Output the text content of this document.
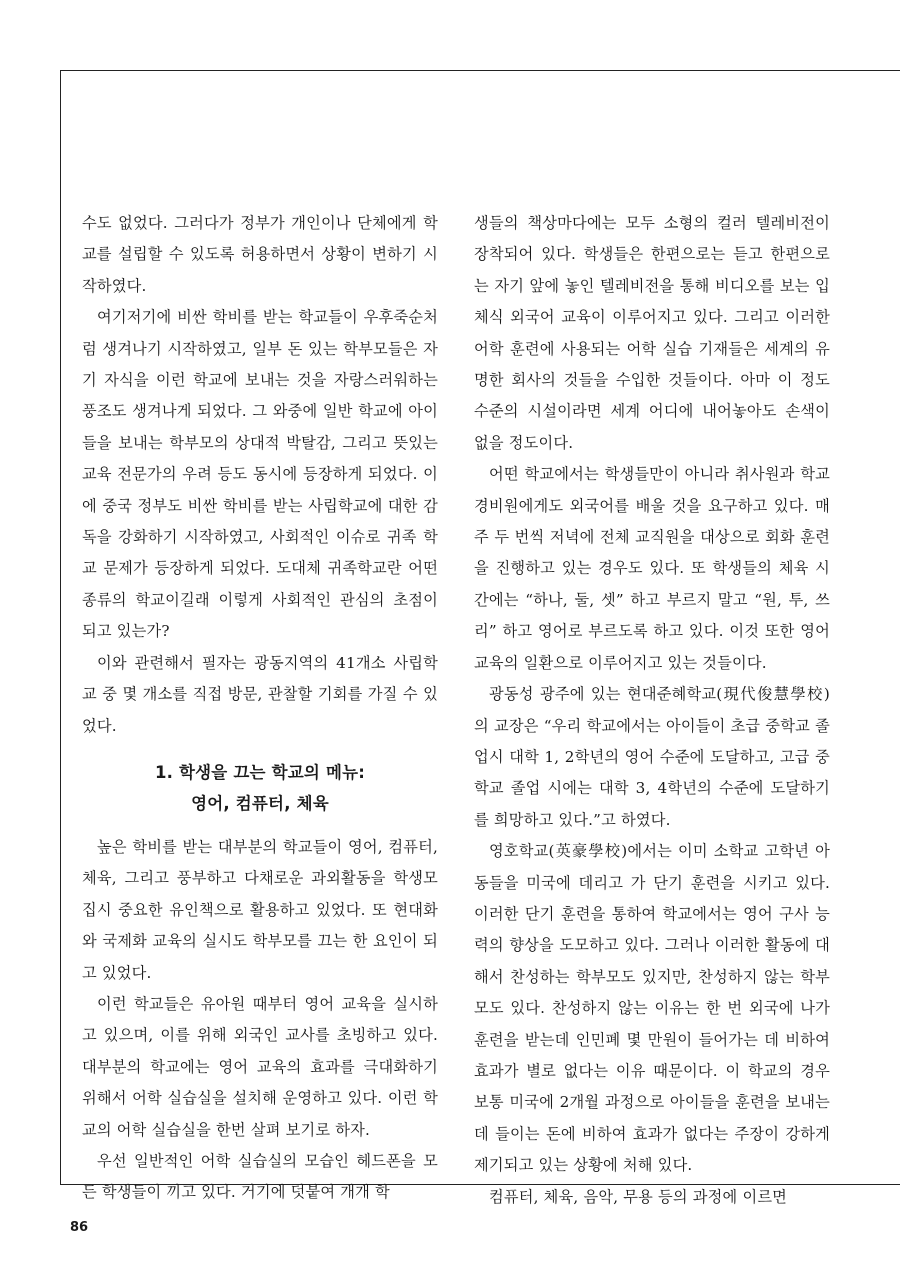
수도 없었다. 그러다가 정부가 개인이나 단체에게 학교를 설립할 수 있도록 허용하면서 상황이 변하기 시작하였다.

여기저기에 비싼 학비를 받는 학교들이 우후죽순처럼 생겨나기 시작하였고, 일부 돈 있는 학부모들은 자기 자식을 이런 학교에 보내는 것을 자랑스러워하는 풍조도 생겨나게 되었다. 그 와중에 일반 학교에 아이들을 보내는 학부모의 상대적 박탈감, 그리고 뜻있는 교육 전문가의 우려 등도 동시에 등장하게 되었다. 이에 중국 정부도 비싼 학비를 받는 사립학교에 대한 감독을 강화하기 시작하였고, 사회적인 이슈로 귀족 학교 문제가 등장하게 되었다. 도대체 귀족학교란 어떤 종류의 학교이길래 이렇게 사회적인 관심의 초점이 되고 있는가?

이와 관련해서 필자는 광동지역의 41개소 사립학교 중 몇 개소를 직접 방문, 관찰할 기회를 가질 수 있었다.

1. 학생을 끄는 학교의 메뉴:
영어, 컴퓨터, 체육

높은 학비를 받는 대부분의 학교들이 영어, 컴퓨터, 체육, 그리고 풍부하고 다채로운 과외활동을 학생모집시 중요한 유인책으로 활용하고 있었다. 또 현대화와 국제화 교육의 실시도 학부모를 끄는 한 요인이 되고 있었다.

이런 학교들은 유아원 때부터 영어 교육을 실시하고 있으며, 이를 위해 외국인 교사를 초빙하고 있다. 대부분의 학교에는 영어 교육의 효과를 극대화하기 위해서 어학 실습실을 설치해 운영하고 있다. 이런 학교의 어학 실습실을 한번 살펴 보기로 하자.

우선 일반적인 어학 실습실의 모습인 헤드폰을 모든 학생들이 끼고 있다. 거기에 덧붙여 개개 학

생들의 책상마다에는 모두 소형의 컬러 텔레비전이 장착되어 있다. 학생들은 한편으로는 듣고 한편으로는 자기 앞에 놓인 텔레비전을 통해 비디오를 보는 입체식 외국어 교육이 이루어지고 있다. 그리고 이러한 어학 훈련에 사용되는 어학 실습 기재들은 세계의 유명한 회사의 것들을 수입한 것들이다. 아마 이 정도 수준의 시설이라면 세계 어디에 내어놓아도 손색이 없을 정도이다.

어떤 학교에서는 학생들만이 아니라 취사원과 학교 경비원에게도 외국어를 배울 것을 요구하고 있다. 매주 두 번씩 저녁에 전체 교직원을 대상으로 회화 훈련을 진행하고 있는 경우도 있다. 또 학생들의 체육 시간에는 “하나, 둘, 셋” 하고 부르지 말고 “원, 투, 쓰리” 하고 영어로 부르도록 하고 있다. 이것 또한 영어 교육의 일환으로 이루어지고 있는 것들이다.

광동성 광주에 있는 현대준혜학교(現代俊慧學校)의 교장은 “우리 학교에서는 아이들이 초급 중학교 졸업시 대학 1, 2학년의 영어 수준에 도달하고, 고급 중학교 졸업 시에는 대학 3, 4학년의 수준에 도달하기를 희망하고 있다.”고 하였다.

영호학교(英豪學校)에서는 이미 소학교 고학년 아동들을 미국에 데리고 가 단기 훈련을 시키고 있다. 이러한 단기 훈련을 통하여 학교에서는 영어 구사 능력의 향상을 도모하고 있다. 그러나 이러한 활동에 대해서 찬성하는 학부모도 있지만, 찬성하지 않는 학부모도 있다. 찬성하지 않는 이유는 한 번 외국에 나가 훈련을 받는데 인민폐 몇 만원이 들어가는 데 비하여 효과가 별로 없다는 이유 때문이다. 이 학교의 경우 보통 미국에 2개월 과정으로 아이들을 훈련을 보내는데 들이는 돈에 비하여 효과가 없다는 주장이 강하게 제기되고 있는 상황에 처해 있다.

컴퓨터, 체육, 음악, 무용 등의 과정에 이르면

86
